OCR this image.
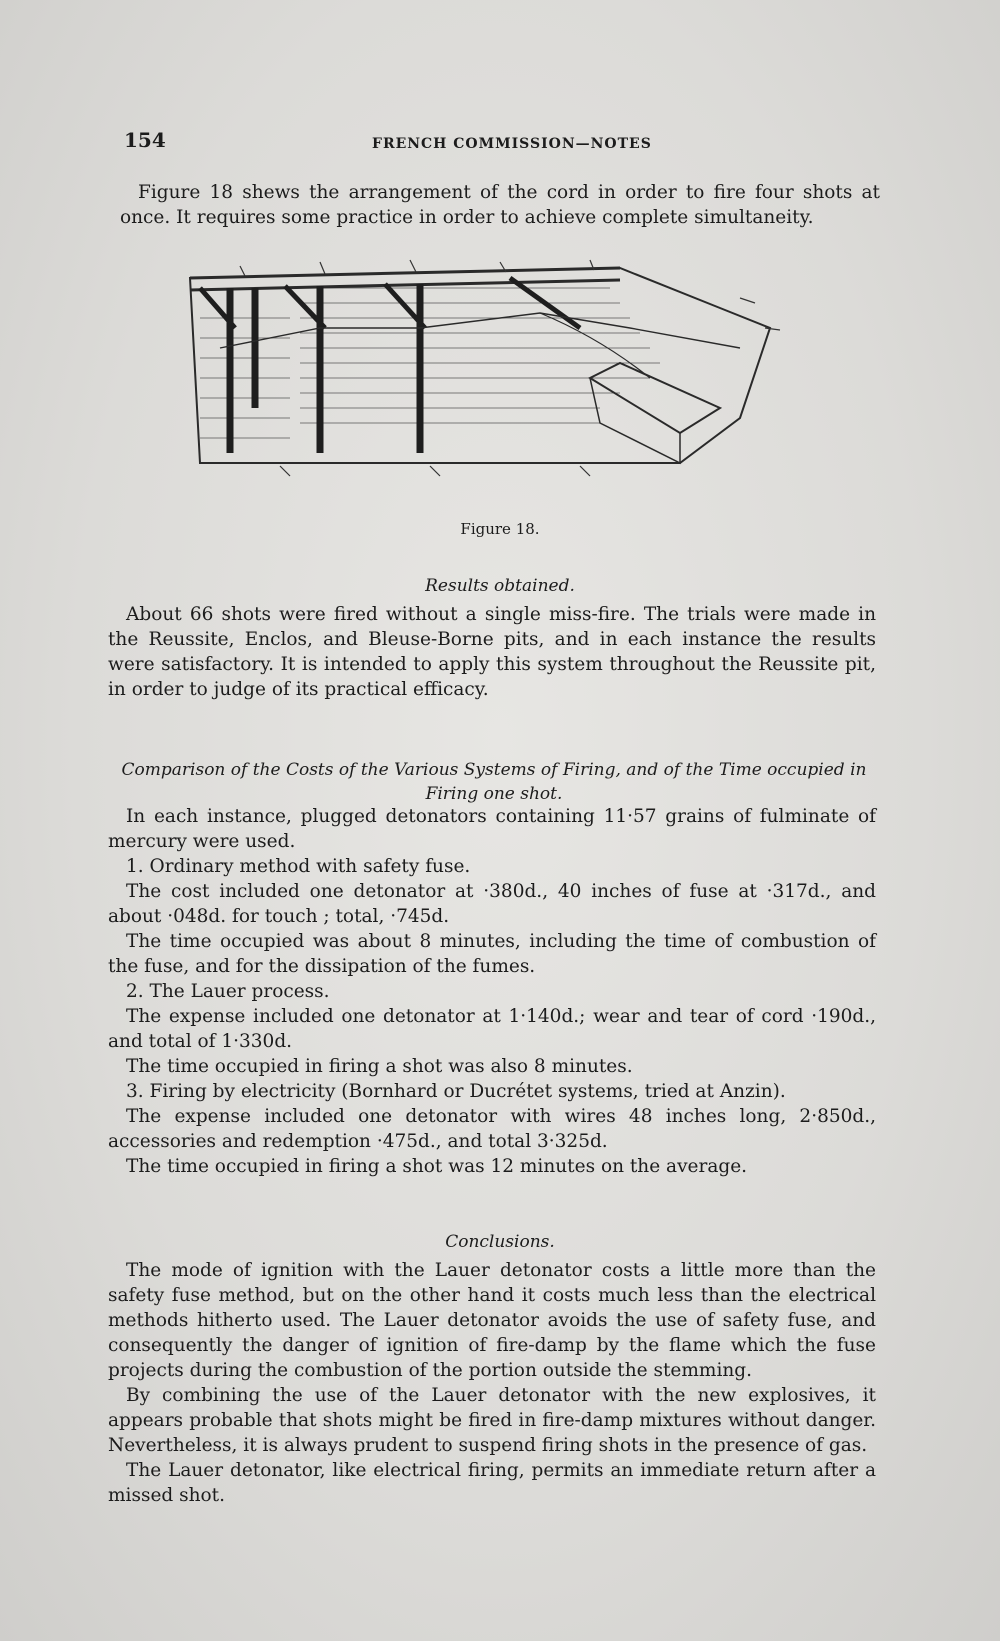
154	FRENCH COMMISSION—NOTES

Figure 18 shews the arrangement of the cord in order to fire four shots at once. It requires some practice in order to achieve complete simultaneity.

Figure 18.
Results obtained.

About 66 shots were fired without a single miss-fire. The trials were made in the Reussite, Enclos, and Bleuse-Borne pits, and in each instance the results were satisfactory. It is intended to apply this system throughout the Reussite pit, in order to judge of its practical efficacy.

Comparison of the Costs of the Various Systems of Firing, and of the Time occupied in Firing one shot.

In each instance, plugged detonators containing 11·57 grains of fulminate of mercury were used.

1. Ordinary method with safety fuse.

The cost included one detonator at ·380d., 40 inches of fuse at ·317d., and about ·048d. for touch ; total, ·745d.

The time occupied was about 8 minutes, including the time of combustion of the fuse, and for the dissipation of the fumes.

2. The Lauer process.

The expense included one detonator at 1·140d.; wear and tear of cord ·190d., and total of 1·330d.

The time occupied in firing a shot was also 8 minutes.

3. Firing by electricity (Bornhard or Ducrétet systems, tried at Anzin).

The expense included one detonator with wires 48 inches long, 2·850d., accessories and redemption ·475d., and total 3·325d.

The time occupied in firing a shot was 12 minutes on the average.

Conclusions.

The mode of ignition with the Lauer detonator costs a little more than the safety fuse method, but on the other hand it costs much less than the electrical methods hitherto used. The Lauer detonator avoids the use of safety fuse, and consequently the danger of ignition of fire-damp by the flame which the fuse projects during the combustion of the portion outside the stemming.

By combining the use of the Lauer detonator with the new explosives, it appears probable that shots might be fired in fire-damp mixtures without danger. Nevertheless, it is always prudent to suspend firing shots in the presence of gas.

The Lauer detonator, like electrical firing, permits an immediate return after a missed shot.
